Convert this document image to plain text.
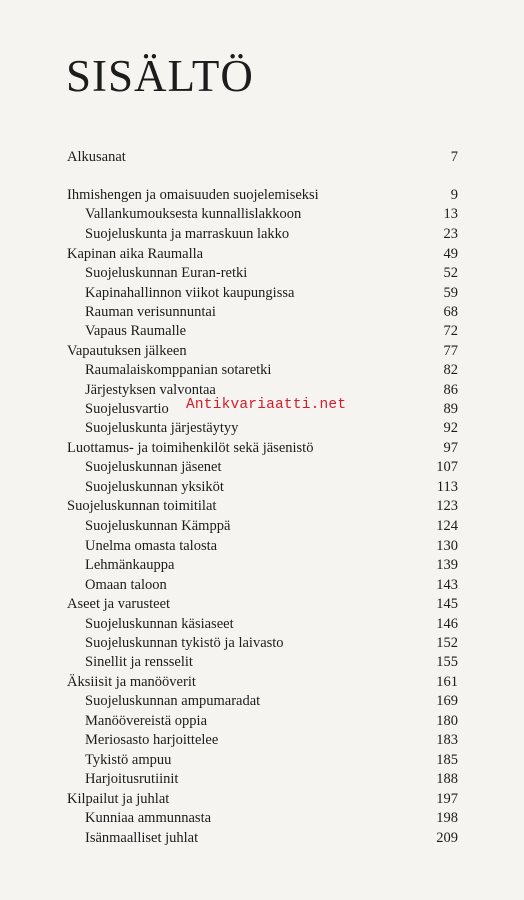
SISÄLTÖ
Alkusanat	7
Ihmishengen ja omaisuuden suojelemiseksi	9
Vallankumouksesta kunnallislakkoon	13
Suojeluskunta ja marraskuun lakko	23
Kapinan aika Raumalla	49
Suojeluskunnan Euran-retki	52
Kapinahallinnon viikot kaupungissa	59
Rauman verisunnuntai	68
Vapaus Raumalle	72
Vapautuksen jälkeen	77
Raumalaiskomppanian sotaretki	82
Järjestyksen valvontaa	86
Suojelusvartio	89
Suojeluskunta järjestäytyy	92
Luottamus- ja toimihenkilöt sekä jäsenistö	97
Suojeluskunnan jäsenet	107
Suojeluskunnan yksiköt	113
Suojeluskunnan toimitilat	123
Suojeluskunnan Kämppä	124
Unelma omasta talosta	130
Lehmänkauppa	139
Omaan taloon	143
Aseet ja varusteet	145
Suojeluskunnan käsiaseet	146
Suojeluskunnan tykistö ja laivasto	152
Sinellit ja rensselit	155
Äksiisit ja manööverit	161
Suojeluskunnan ampumaradat	169
Manöövereistä oppia	180
Meriosasto harjoittelee	183
Tykistö ampuu	185
Harjoitusrutiinit	188
Kilpailut ja juhlat	197
Kunniaa ammunnasta	198
Isänmaalliset juhlat	209
Antikvariaatti.net
